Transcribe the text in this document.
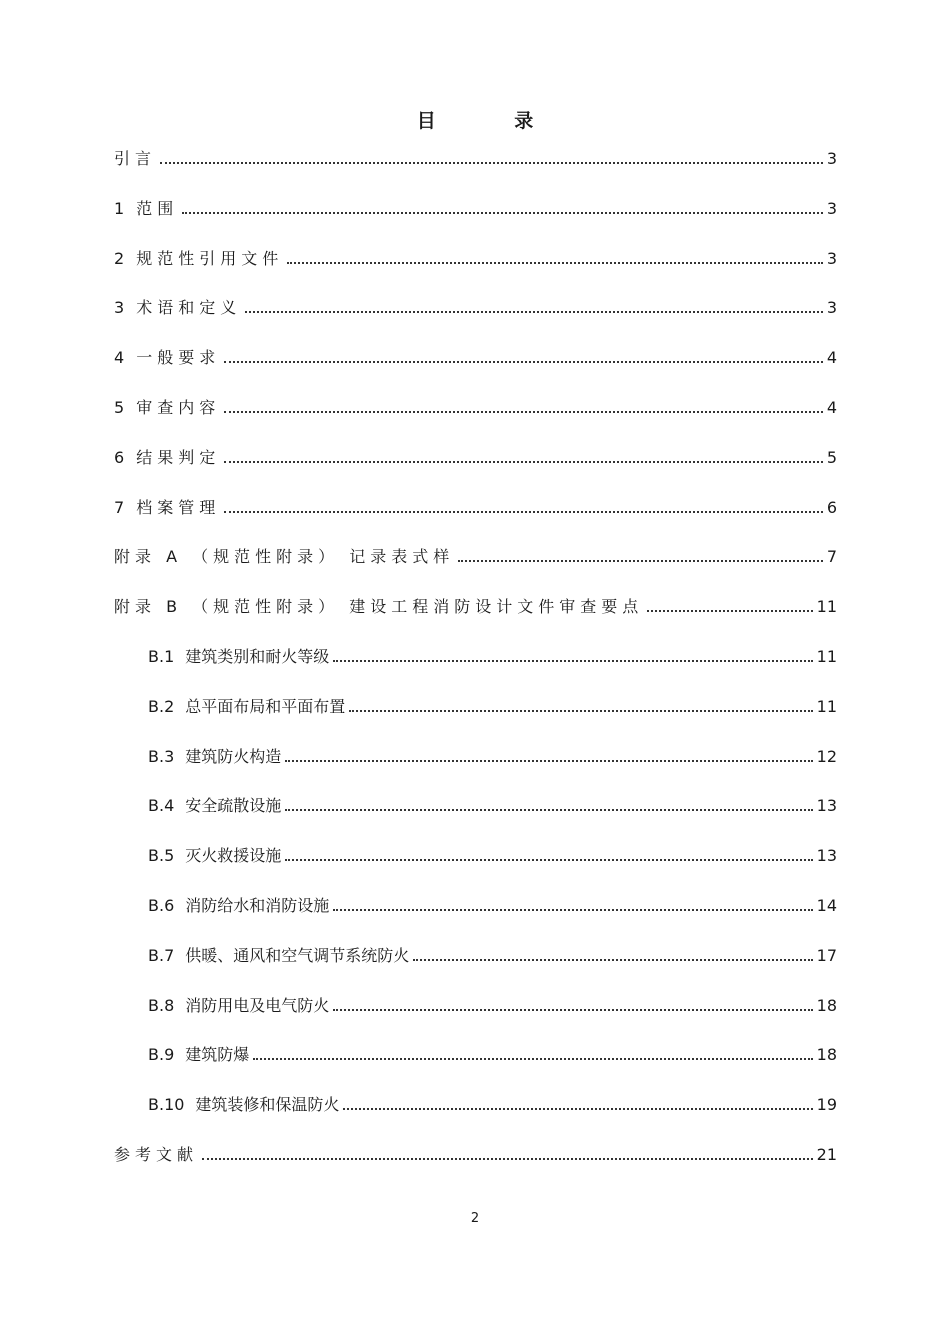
目 录
引言	3
1 范围	3
2 规范性引用文件	3
3 术语和定义	3
4 一般要求	4
5 审查内容	4
6 结果判定	5
7 档案管理	6
附录 A （规范性附录） 记录表式样	7
附录 B （规范性附录） 建设工程消防设计文件审查要点	11
B.1 建筑类别和耐火等级	11
B.2 总平面布局和平面布置	11
B.3 建筑防火构造	12
B.4 安全疏散设施	13
B.5 灭火救援设施	13
B.6 消防给水和消防设施	14
B.7 供暖、通风和空气调节系统防火	17
B.8 消防用电及电气防火	18
B.9 建筑防爆	18
B.10 建筑装修和保温防火	19
参考文献	21
2
